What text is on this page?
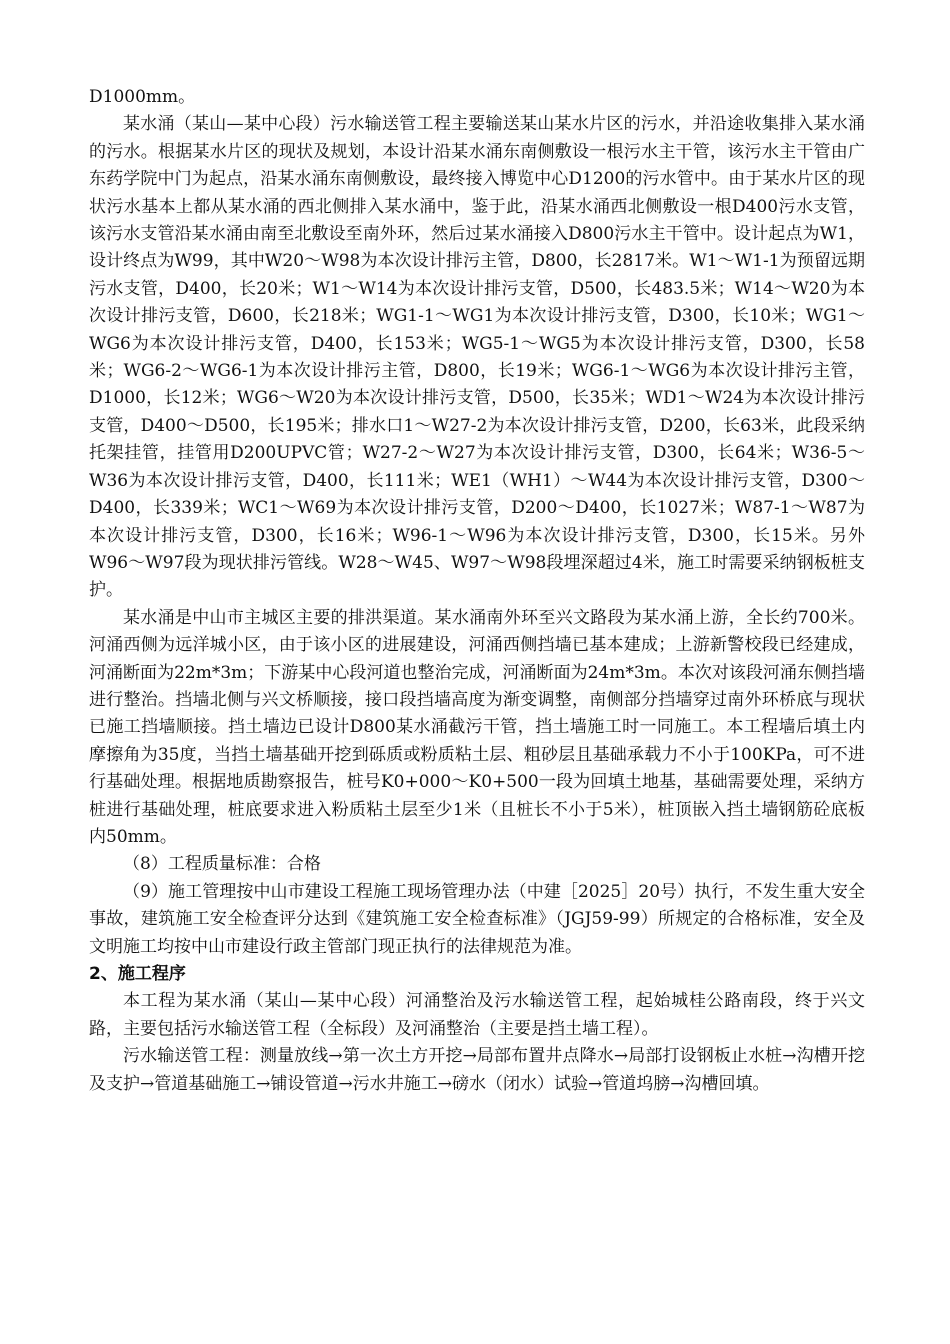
D1000mm。

某水涌（某山—某中心段）污水输送管工程主要输送某山某水片区的污水，并沿途收集排入某水涌的污水。根据某水片区的现状及规划，本设计沿某水涌东南侧敷设一根污水主干管，该污水主干管由广东药学院中门为起点，沿某水涌东南侧敷设，最终接入博览中心D1200的污水管中。由于某水片区的现状污水基本上都从某水涌的西北侧排入某水涌中，鉴于此，沿某水涌西北侧敷设一根D400污水支管，该污水支管沿某水涌由南至北敷设至南外环，然后过某水涌接入D800污水主干管中。设计起点为W1，设计终点为W99，其中W20～W98为本次设计排污主管，D800，长2817米。W1～W1-1为预留远期污水支管，D400，长20米；W1～W14为本次设计排污支管，D500，长483.5米；W14～W20为本次设计排污支管，D600，长218米；WG1-1～WG1为本次设计排污支管，D300，长10米；WG1～WG6为本次设计排污支管，D400，长153米；WG5-1～WG5为本次设计排污支管，D300，长58米；WG6-2～WG6-1为本次设计排污主管，D800，长19米；WG6-1～WG6为本次设计排污主管，D1000，长12米；WG6～W20为本次设计排污支管，D500，长35米；WD1～W24为本次设计排污支管，D400～D500，长195米；排水口1～W27-2为本次设计排污支管，D200，长63米，此段采纳托架挂管，挂管用D200UPVC管；W27-2～W27为本次设计排污支管，D300，长64米；W36-5～W36为本次设计排污支管，D400，长111米；WE1（WH1）～W44为本次设计排污支管，D300～D400，长339米；WC1～W69为本次设计排污支管，D200～D400，长1027米；W87-1～W87为本次设计排污支管，D300，长16米；W96-1～W96为本次设计排污支管，D300，长15米。另外W96～W97段为现状排污管线。W28～W45、W97～W98段埋深超过4米，施工时需要采纳钢板桩支护。

某水涌是中山市主城区主要的排洪渠道。某水涌南外环至兴文路段为某水涌上游，全长约700米。河涌西侧为远洋城小区，由于该小区的进展建设，河涌西侧挡墙已基本建成；上游新警校段已经建成，河涌断面为22m*3m；下游某中心段河道也整治完成，河涌断面为24m*3m。本次对该段河涌东侧挡墙进行整治。挡墙北侧与兴文桥顺接，接口段挡墙高度为渐变调整，南侧部分挡墙穿过南外环桥底与现状已施工挡墙顺接。挡土墙边已设计D800某水涌截污干管，挡土墙施工时一同施工。本工程墙后填土内摩擦角为35度，当挡土墙基础开挖到砾质或粉质粘土层、粗砂层且基础承载力不小于100KPa，可不进行基础处理。根据地质勘察报告，桩号K0+000～K0+500一段为回填土地基，基础需要处理，采纳方桩进行基础处理，桩底要求进入粉质粘土层至少1米（且桩长不小于5米），桩顶嵌入挡土墙钢筋砼底板内50mm。

（8）工程质量标准：合格

（9）施工管理按中山市建设工程施工现场管理办法（中建［2025］20号）执行，不发生重大安全事故，建筑施工安全检查评分达到《建筑施工安全检查标准》（JGJ59-99）所规定的合格标准，安全及文明施工均按中山市建设行政主管部门现正执行的法律规范为准。

2、施工程序

本工程为某水涌（某山—某中心段）河涌整治及污水输送管工程，起始城桂公路南段，终于兴文路，主要包括污水输送管工程（全标段）及河涌整治（主要是挡土墙工程）。

污水输送管工程：测量放线→第一次土方开挖→局部布置井点降水→局部打设钢板止水桩→沟槽开挖及支护→管道基础施工→铺设管道→污水井施工→磅水（闭水）试验→管道坞膀→沟槽回填。
